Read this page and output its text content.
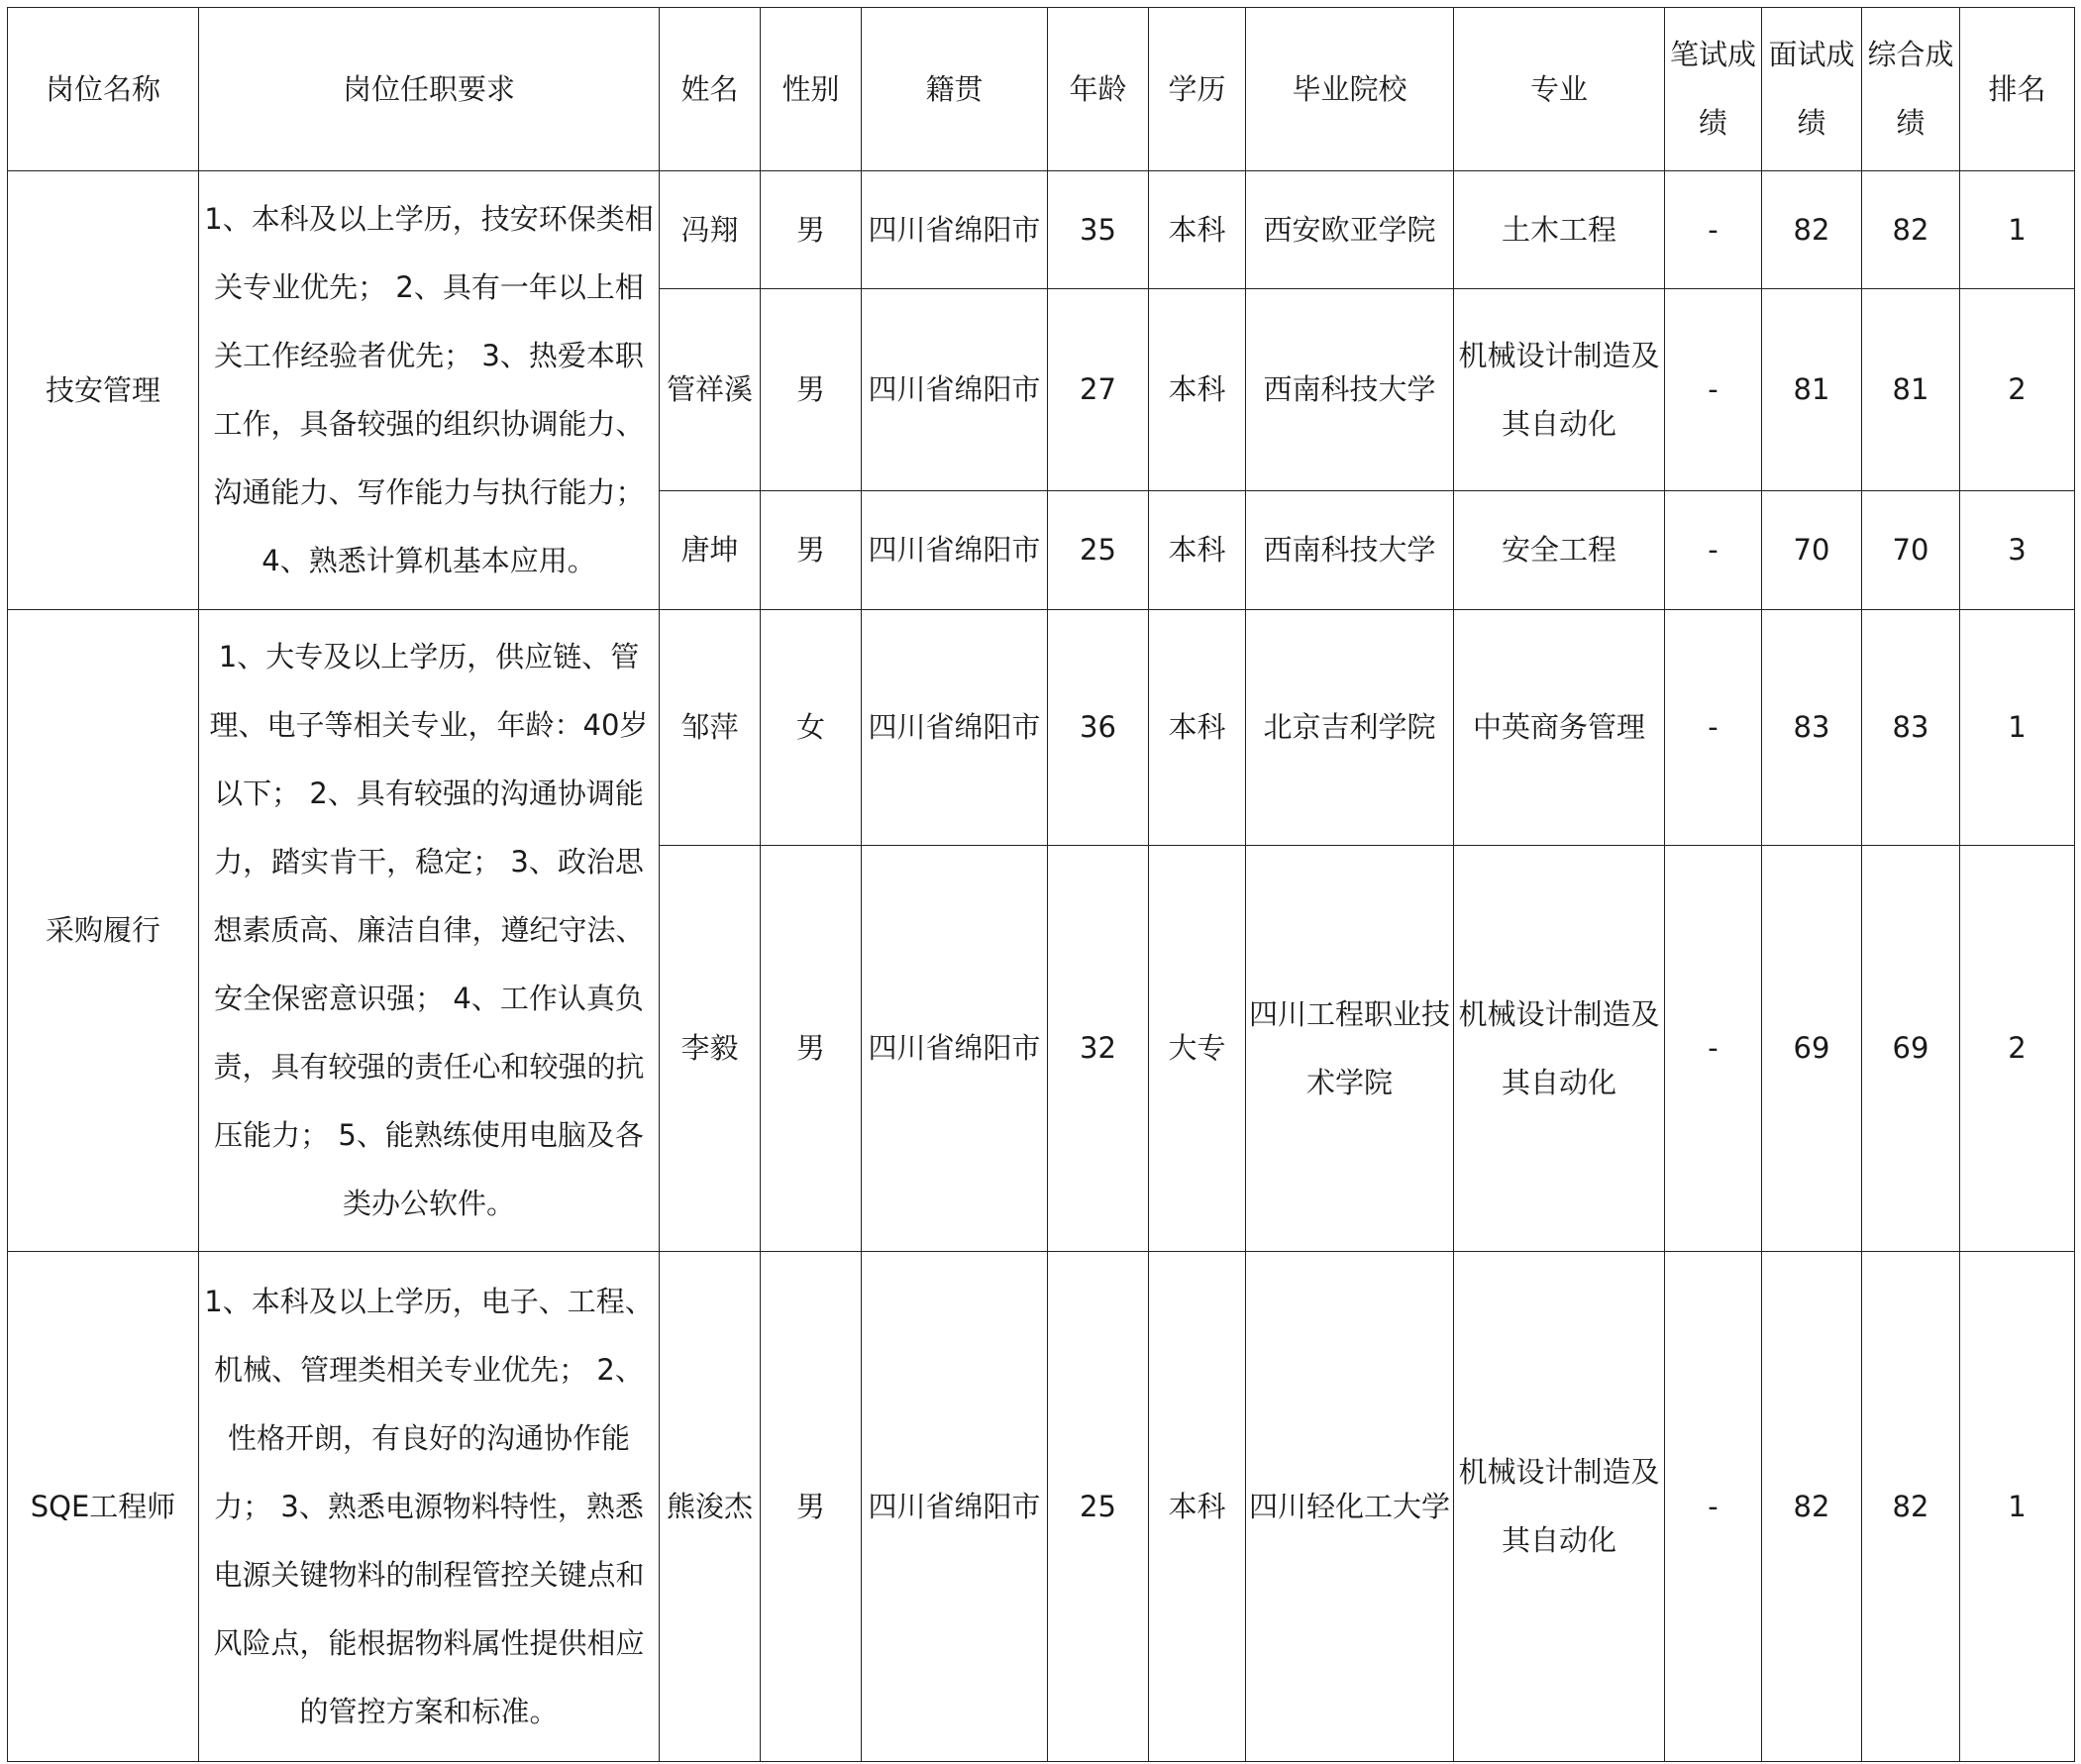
岗位名称	岗位任职要求	姓名	性别	籍贯	年龄	学历	毕业院校	专业	笔试成绩	面试成绩	综合成绩	排名
技安管理	1、本科及以上学历，技安环保类相关专业优先； 2、具有一年以上相关工作经验者优先； 3、热爱本职工作，具备较强的组织协调能力、沟通能力、写作能力与执行能力； 4、熟悉计算机基本应用。	冯翔	男	四川省绵阳市	35	本科	西安欧亚学院	土木工程	-	82	82	1
		管祥溪	男	四川省绵阳市	27	本科	西南科技大学	机械设计制造及其自动化	-	81	81	2
		唐坤	男	四川省绵阳市	25	本科	西南科技大学	安全工程	-	70	70	3
采购履行	1、大专及以上学历，供应链、管理、电子等相关专业，年龄：40岁以下； 2、具有较强的沟通协调能力，踏实肯干，稳定； 3、政治思想素质高、廉洁自律，遵纪守法、安全保密意识强； 4、工作认真负责，具有较强的责任心和较强的抗压能力； 5、能熟练使用电脑及各类办公软件。	邹萍	女	四川省绵阳市	36	本科	北京吉利学院	中英商务管理	-	83	83	1
		李毅	男	四川省绵阳市	32	大专	四川工程职业技术学院	机械设计制造及其自动化	-	69	69	2
SQE工程师	1、本科及以上学历，电子、工程、机械、管理类相关专业优先； 2、性格开朗，有良好的沟通协作能力； 3、熟悉电源物料特性，熟悉电源关键物料的制程管控关键点和风险点，能根据物料属性提供相应的管控方案和标准。	熊浚杰	男	四川省绵阳市	25	本科	四川轻化工大学	机械设计制造及其自动化	-	82	82	1
